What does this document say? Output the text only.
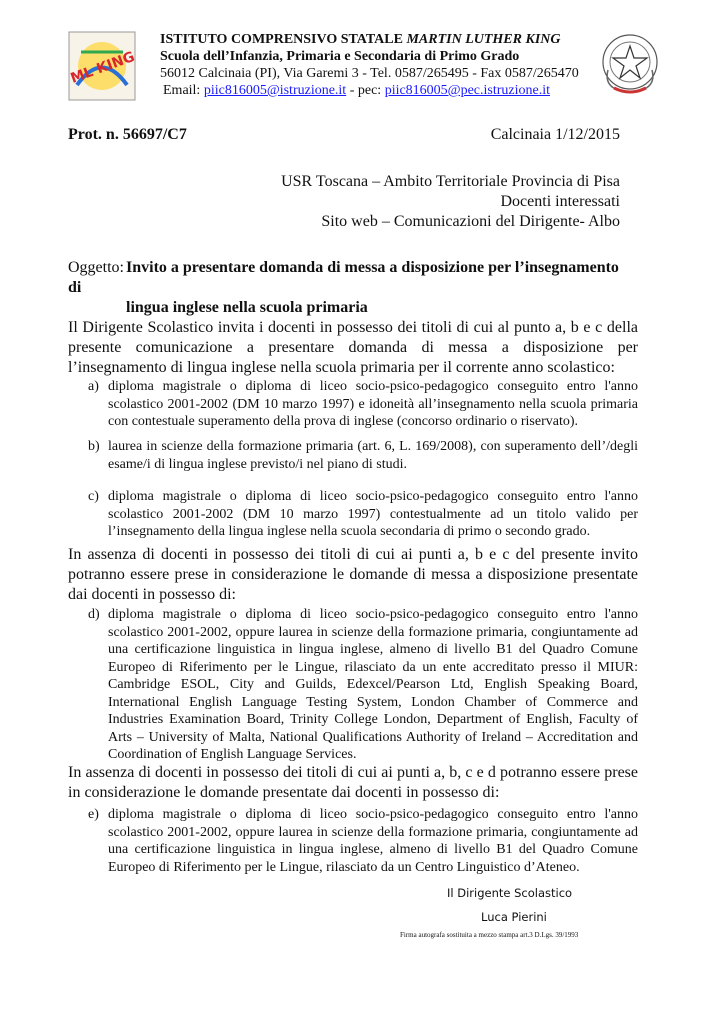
ML KING
ISTITUTO COMPRENSIVO STATALE MARTIN LUTHER KING
Scuola dell’Infanzia, Primaria e Secondaria di Primo Grado
56012 Calcinaia (PI), Via Garemi 3 - Tel. 0587/265495 - Fax 0587/265470
Email: piic816005@istruzione.it - pec: piic816005@pec.istruzione.it
Prot. n. 56697/C7	Calcinaia 1/12/2015
USR Toscana – Ambito Territoriale Provincia di Pisa
Docenti interessati
Sito web – Comunicazioni del Dirigente- Albo
Oggetto:Invito a presentare domanda di messa a disposizione per l’insegnamento di
lingua inglese nella scuola primaria
Il Dirigente Scolastico invita i docenti in possesso dei titoli di cui al punto a, b e c della presente comunicazione a presentare domanda di messa a disposizione per l’insegnamento di lingua inglese nella scuola primaria per il corrente anno scolastico:
a) diploma magistrale o diploma di liceo socio-psico-pedagogico conseguito entro l'anno scolastico 2001-2002 (DM 10 marzo 1997) e idoneità all’insegnamento nella scuola primaria con contestuale superamento della prova di inglese (concorso ordinario o riservato).
b) laurea in scienze della formazione primaria (art. 6, L. 169/2008), con superamento dell’/degli esame/i di lingua inglese previsto/i nel piano di studi.
c) diploma magistrale o diploma di liceo socio-psico-pedagogico conseguito entro l'anno scolastico 2001-2002 (DM 10 marzo 1997) contestualmente ad un titolo valido per l’insegnamento della lingua inglese nella scuola secondaria di primo o secondo grado.
In assenza di docenti in possesso dei titoli di cui ai punti a, b e c del presente invito potranno essere prese in considerazione le domande di messa a disposizione presentate dai docenti in possesso di:
d) diploma magistrale o diploma di liceo socio-psico-pedagogico conseguito entro l'anno scolastico 2001-2002, oppure laurea in scienze della formazione primaria, congiuntamente ad una certificazione linguistica in lingua inglese, almeno di livello B1 del Quadro Comune Europeo di Riferimento per le Lingue, rilasciato da un ente accreditato presso il MIUR: Cambridge ESOL, City and Guilds, Edexcel/Pearson Ltd, English Speaking Board, International English Language Testing System, London Chamber of Commerce and Industries Examination Board, Trinity College London, Department of English, Faculty of Arts – University of Malta, National Qualifications Authority of Ireland – Accreditation and Coordination of English Language Services.
In assenza di docenti in possesso dei titoli di cui ai punti a, b, c e d potranno essere prese in considerazione le domande presentate dai docenti in possesso di:
e) diploma magistrale o diploma di liceo socio-psico-pedagogico conseguito entro l'anno scolastico 2001-2002, oppure laurea in scienze della formazione primaria, congiuntamente ad una certificazione linguistica in lingua inglese, almeno di livello B1 del Quadro Comune Europeo di Riferimento per le Lingue, rilasciato da un Centro Linguistico d’Ateneo.
Il Dirigente Scolastico
Luca Pierini
Firma autografa sostituita a mezzo stampa art.3 D.Lgs. 39/1993
